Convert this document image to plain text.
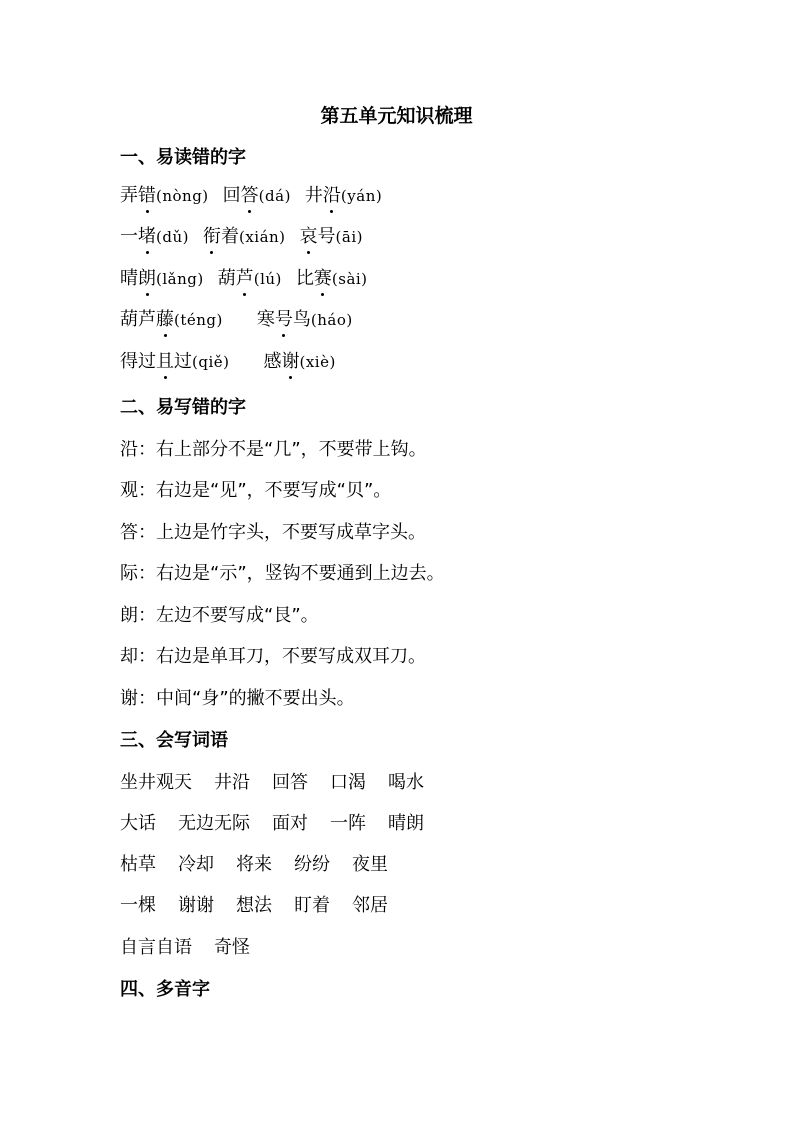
第五单元知识梳理
一、易读错的字
弄错(nòng) 回答(dá) 井沿(yán)
一堵(dǔ) 衔着(xián) 哀号(āi)
晴朗(lǎng) 葫芦(lú) 比赛(sài)
葫芦藤(téng) 寒号鸟(háo)
得过且过(qiě) 感谢(xiè)
二、易写错的字
沿：右上部分不是“几”，不要带上钩。
观：右边是“见”，不要写成“贝”。
答：上边是竹字头，不要写成草字头。
际：右边是“示”，竖钩不要通到上边去。
朗：左边不要写成“艮”。
却：右边是单耳刀，不要写成双耳刀。
谢：中间“身”的撇不要出头。
三、会写词语
坐井观天 井沿 回答 口渴 喝水
大话 无边无际 面对 一阵 晴朗
枯草 冷却 将来 纷纷 夜里
一棵 谢谢 想法 盯着 邻居
自言自语 奇怪
四、多音字
